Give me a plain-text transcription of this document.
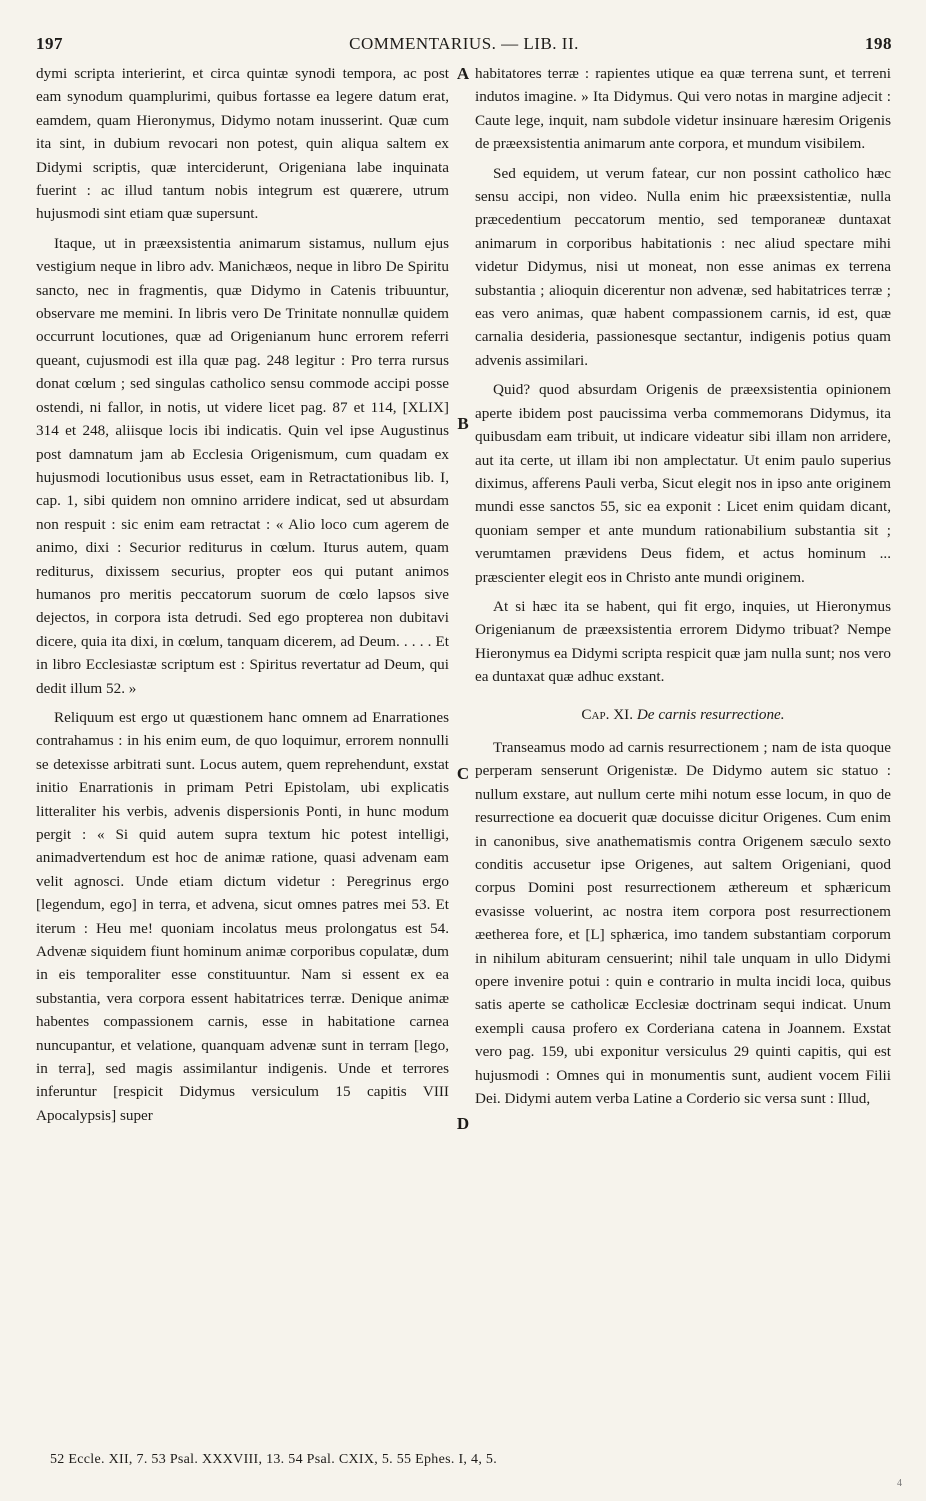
197	COMMENTARIUS. — LIB. II.	198

dymi scripta interierint, et circa quintæ synodi tempora, ac post eam synodum quamplurimi, quibus fortasse ea legere datum erat, eamdem, quam Hieronymus, Didymo notam inusserint. Quæ cum ita sint, in dubium revocari non potest, quin aliqua saltem ex Didymi scriptis, quæ interciderunt, Origeniana labe inquinata fuerint : ac illud tantum nobis integrum est quærere, utrum hujusmodi sint etiam quæ supersunt.

Itaque, ut in præexsistentia animarum sistamus, nullum ejus vestigium neque in libro adv. Manichæos, neque in libro De Spiritu sancto, nec in fragmentis, quæ Didymo in Catenis tribuuntur, observare me memini. In libris vero De Trinitate nonnullæ quidem occurrunt locutiones, quæ ad Origenianum hunc errorem referri queant, cujusmodi est illa quæ pag. 248 legitur : Pro terra rursus donat cœlum ; sed singulas catholico sensu commode accipi posse ostendi, ni fallor, in notis, ut videre licet pag. 87 et 114, [XLIX] 314 et 248, aliisque locis ibi indicatis. Quin vel ipse Augustinus post damnatum jam ab Ecclesia Origenismum, cum quadam ex hujusmodi locutionibus usus esset, eam in Retractationibus lib. I, cap. 1, sibi quidem non omnino arridere indicat, sed ut absurdam non respuit : sic enim eam retractat : « Alio loco cum agerem de animo, dixi : Securior rediturus in cœlum. Iturus autem, quam rediturus, dixissem securius, propter eos qui putant animos humanos pro meritis peccatorum suorum de cœlo lapsos sive dejectos, in corpora ista detrudi. Sed ego propterea non dubitavi dicere, quia ita dixi, in cœlum, tanquam dicerem, ad Deum. . . . . Et in libro Ecclesiastæ scriptum est : Spiritus revertatur ad Deum, qui dedit illum 52. »

Reliquum est ergo ut quæstionem hanc omnem ad Enarrationes contrahamus : in his enim eum, de quo loquimur, errorem nonnulli se detexisse arbitrati sunt. Locus autem, quem reprehendunt, exstat initio Enarrationis in primam Petri Epistolam, ubi explicatis litteraliter his verbis, advenis dispersionis Ponti, in hunc modum pergit : « Si quid autem supra textum hic potest intelligi, animadvertendum est hoc de animæ ratione, quasi advenam eam velit agnosci. Unde etiam dictum videtur : Peregrinus ergo [legendum, ego] in terra, et advena, sicut omnes patres mei 53. Et iterum : Heu me! quoniam incolatus meus prolongatus est 54. Advenæ siquidem fiunt hominum animæ corporibus copulatæ, dum in eis temporaliter esse constituuntur. Nam si essent ex ea substantia, vera corpora essent habitatrices terræ. Denique animæ habentes compassionem carnis, esse in habitatione carnea nuncupantur, et velatione, quanquam advenæ sunt in terram [lego, in terra], sed magis assimilantur indigenis. Unde et terrores inferuntur [respicit Didymus versiculum 15 capitis VIII Apocalypsis] super

A
B
C
D

habitatores terræ : rapientes utique ea quæ terrena sunt, et terreni indutos imagine. » Ita Didymus. Qui vero notas in margine adjecit : Caute lege, inquit, nam subdole videtur insinuare hæresim Origenis de præexsistentia animarum ante corpora, et mundum visibilem.

Sed equidem, ut verum fatear, cur non possint catholico hæc sensu accipi, non video. Nulla enim hic præexsistentiæ, nulla præcedentium peccatorum mentio, sed temporaneæ duntaxat animarum in corporibus habitationis : nec aliud spectare mihi videtur Didymus, nisi ut moneat, non esse animas ex terrena substantia ; alioquin dicerentur non advenæ, sed habitatrices terræ ; eas vero animas, quæ habent compassionem carnis, id est, quæ carnalia desideria, passionesque sectantur, indigenis potius quam advenis assimilari.

Quid? quod absurdam Origenis de præexsistentia opinionem aperte ibidem post paucissima verba commemorans Didymus, ita quibusdam eam tribuit, ut indicare videatur sibi illam non arridere, aut ita certe, ut illam ibi non amplectatur. Ut enim paulo superius diximus, afferens Pauli verba, Sicut elegit nos in ipso ante originem mundi esse sanctos 55, sic ea exponit : Licet enim quidam dicant, quoniam semper et ante mundum rationabilium substantia sit ; verumtamen prævidens Deus fidem, et actus hominum ... præscienter elegit eos in Christo ante mundi originem.

At si hæc ita se habent, qui fit ergo, inquies, ut Hieronymus Origenianum de præexsistentia errorem Didymo tribuat? Nempe Hieronymus ea Didymi scripta respicit quæ jam nulla sunt; nos vero ea duntaxat quæ adhuc exstant.

Cap. XI. De carnis resurrectione.

Transeamus modo ad carnis resurrectionem ; nam de ista quoque perperam senserunt Origenistæ. De Didymo autem sic statuo : nullum exstare, aut nullum certe mihi notum esse locum, in quo de resurrectione ea docuerit quæ docuisse dicitur Origenes. Cum enim in canonibus, sive anathematismis contra Origenem sæculo sexto conditis accusetur ipse Origenes, aut saltem Origeniani, quod corpus Domini post resurrectionem æthereum et sphæricum evasisse voluerint, ac nostra item corpora post resurrectionem æetherea fore, et [L] sphærica, imo tandem substantiam corporum in nihilum abituram censuerint; nihil tale unquam in ullo Didymi opere invenire potui : quin e contrario in multa incidi loca, quibus satis aperte se catholicæ Ecclesiæ doctrinam sequi indicat. Unum exempli causa profero ex Corderiana catena in Joannem. Exstat vero pag. 159, ubi exponitur versiculus 29 quinti capitis, qui est hujusmodi : Omnes qui in monumentis sunt, audient vocem Filii Dei. Didymi autem verba Latine a Corderio sic versa sunt : Illud,

52 Eccle. XII, 7. 53 Psal. XXXVIII, 13. 54 Psal. CXIX, 5. 55 Ephes. I, 4, 5.
4
